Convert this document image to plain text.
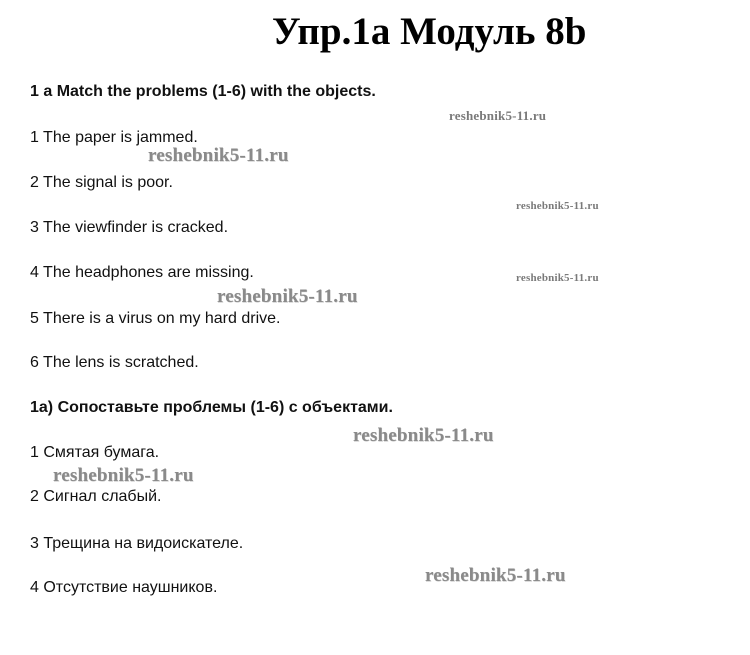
Упр.1а Модуль 8b
1 a Match the problems (1-6) with the objects.
1 The paper is jammed.
2 The signal is poor.
3 The viewfinder is cracked.
4 The headphones are missing.
5 There is a virus on my hard drive.
6 The lens is scratched.
1а) Сопоставьте проблемы (1-6) с объектами.
1 Смятая бумага.
2 Сигнал слабый.
3 Трещина на видоискателе.
4 Отсутствие наушников.
reshebnik5-11.ru
reshebnik5-11.ru
reshebnik5-11.ru
reshebnik5-11.ru
reshebnik5-11.ru
reshebnik5-11.ru
reshebnik5-11.ru
reshebnik5-11.ru
